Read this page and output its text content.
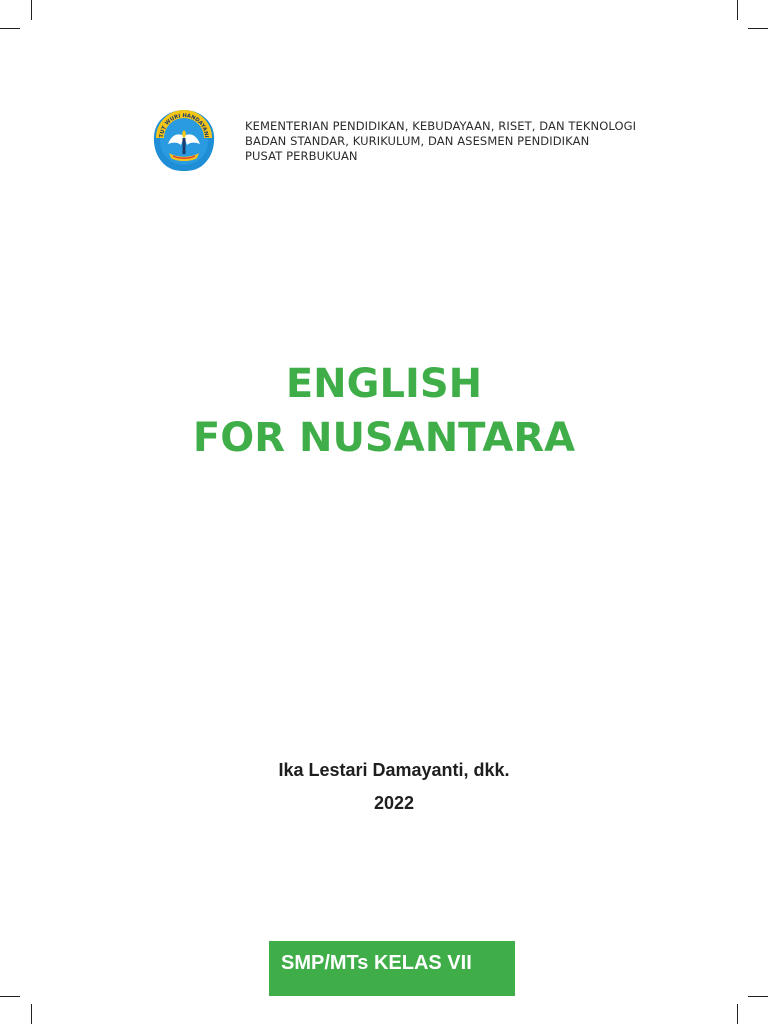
TUT WURI HANDAYANI
KEMENTERIAN PENDIDIKAN, KEBUDAYAAN, RISET, DAN TEKNOLOGI
BADAN STANDAR, KURIKULUM, DAN ASESMEN PENDIDIKAN
PUSAT PERBUKUAN
ENGLISH
FOR NUSANTARA
Ika Lestari Damayanti, dkk.
2022
SMP/MTs KELAS VII
